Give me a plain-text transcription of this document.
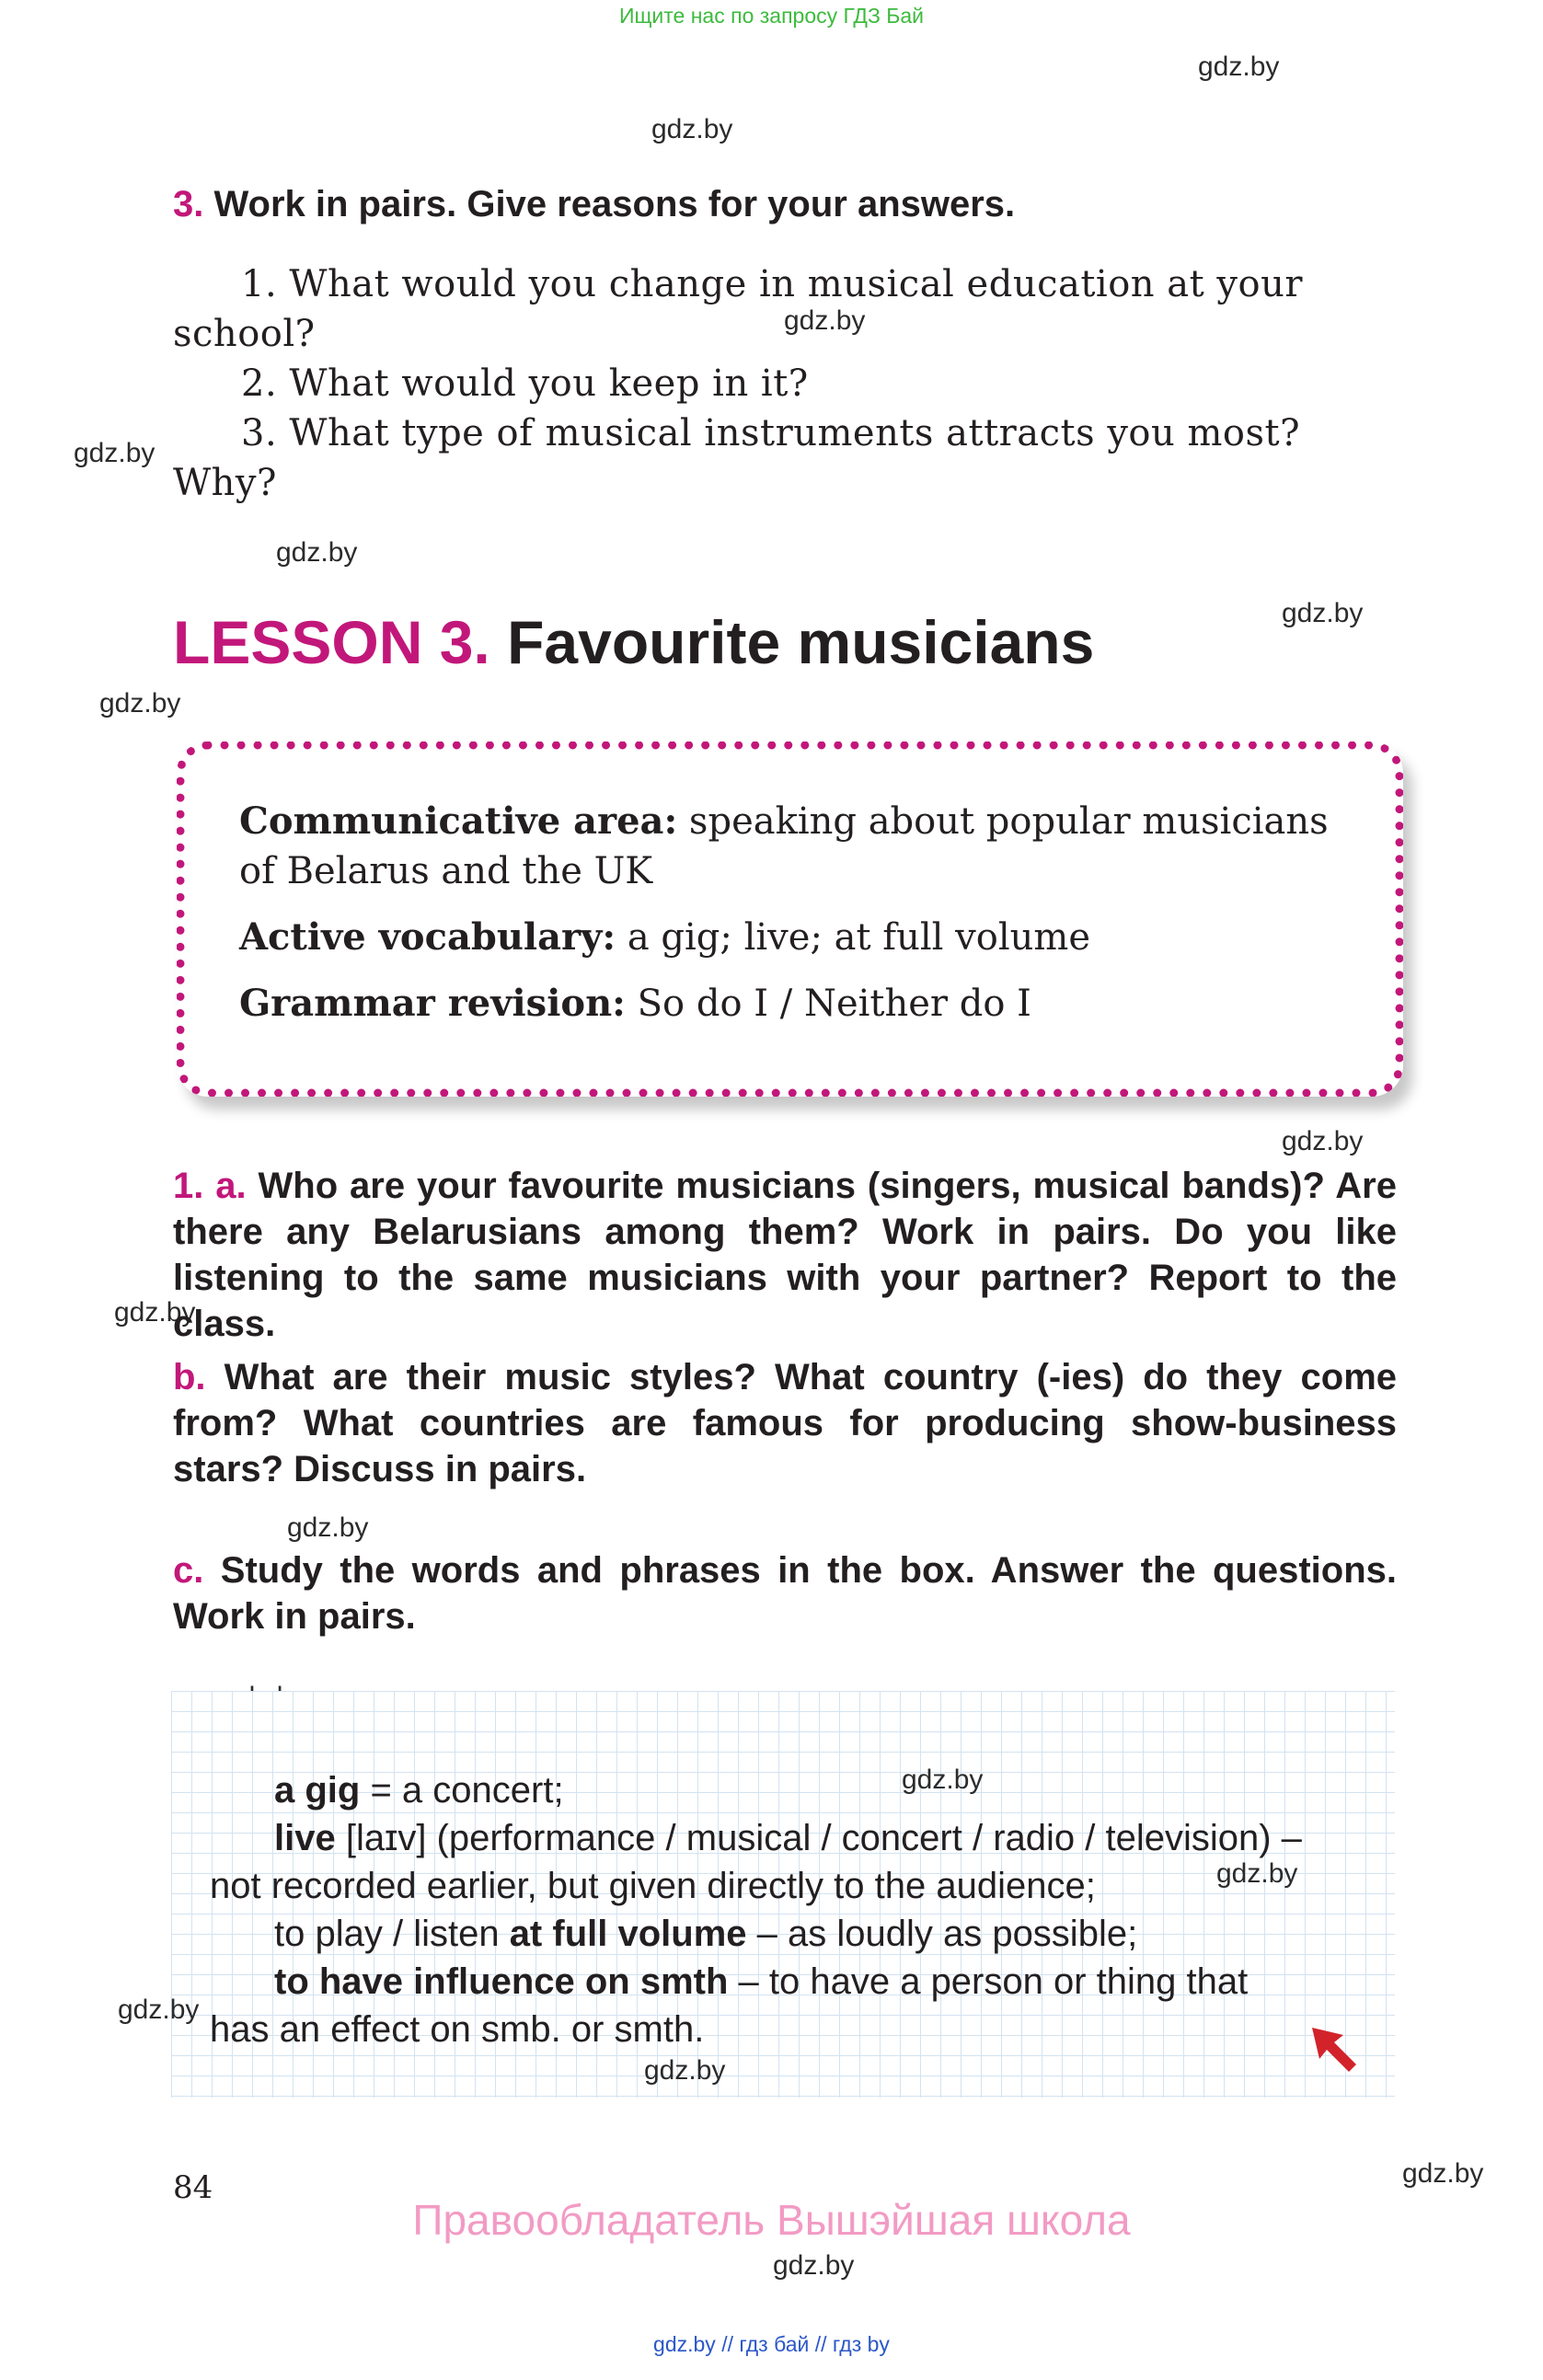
Ищите нас по запросу ГДЗ Бай
gdz.by
gdz.by
gdz.by
gdz.by
gdz.by
gdz.by
gdz.by
gdz.by
gdz.by
gdz.by
gdz.by
gdz.by
3. Work in pairs. Give reasons for your answers.
1. What would you change in musical education at your
school?
2. What would you keep in it?
3. What type of musical instruments attracts you most?
Why?
LESSON 3. Favourite musicians
Communicative area: speaking about popular musicians
of Belarus and the UK
Active vocabulary: a gig; live; at full volume
Grammar revision: So do I / Neither do I
1. a. Who are your favourite musicians (singers, musical bands)? Are there any Belarusians among them? Work in pairs. Do you like listening to the same musicians with your partner? Report to the class.
b. What are their music styles? What country (-ies) do they come from? What countries are famous for producing show-business stars? Discuss in pairs.
c. Study the words and phrases in the box. Answer the questions. Work in pairs.
a gig = a concert;
live [laɪv] (performance / musical / concert / radio / television) –
not recorded earlier, but given directly to the audience;
to play / listen at full volume – as loudly as possible;
to have influence on smth – to have a person or thing that
has an effect on smb. or smth.
gdz.by
gdz.by
gdz.by
gdz.by
84
Правообладатель Вышэйшая школа
gdz.by // гдз бай // гдз by
